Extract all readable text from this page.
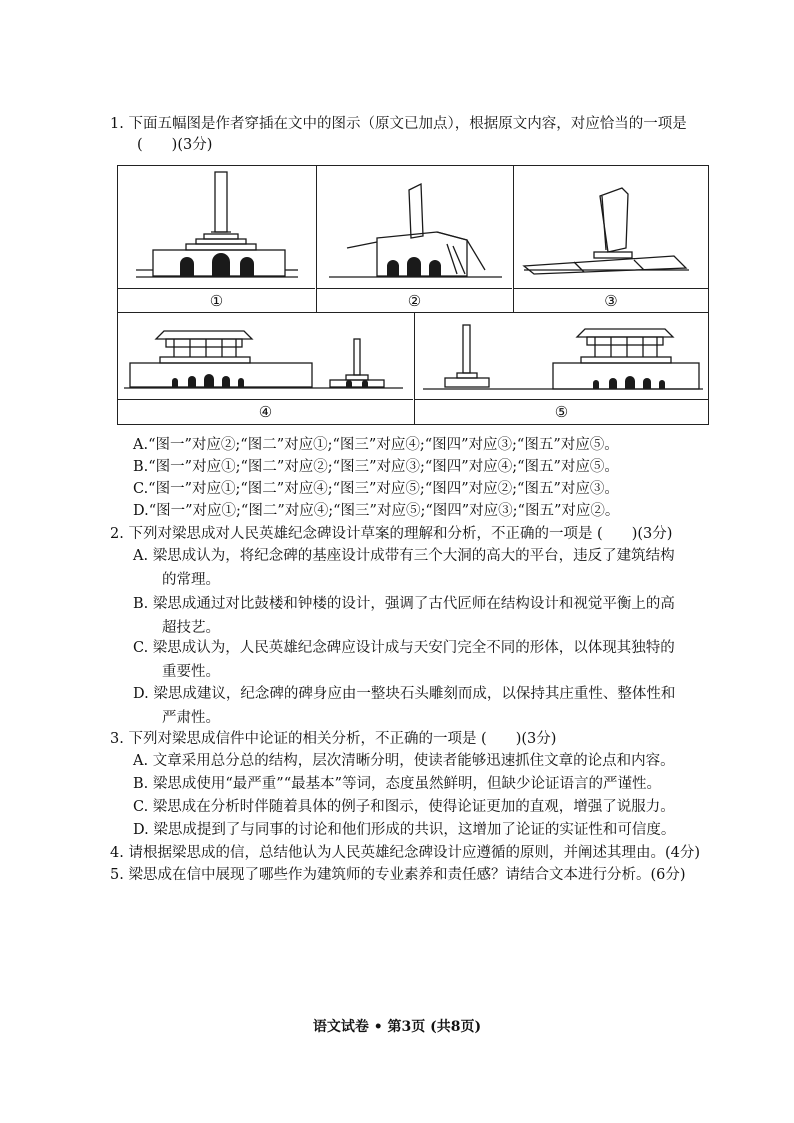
1. 下面五幅图是作者穿插在文中的图示（原文已加点），根据原文内容，对应恰当的一项是
(　　)(3分)
①	②	③
④	⑤
A.“图一”对应②;“图二”对应①;“图三”对应④;“图四”对应③;“图五”对应⑤。
B.“图一”对应①;“图二”对应②;“图三”对应③;“图四”对应④;“图五”对应⑤。
C.“图一”对应①;“图二”对应④;“图三”对应⑤;“图四”对应②;“图五”对应③。
D.“图一”对应①;“图二”对应④;“图三”对应⑤;“图四”对应③;“图五”对应②。
2. 下列对梁思成对人民英雄纪念碑设计草案的理解和分析，不正确的一项是 (　　)(3分)
A. 梁思成认为，将纪念碑的基座设计成带有三个大洞的高大的平台，违反了建筑结构
的常理。
B. 梁思成通过对比鼓楼和钟楼的设计，强调了古代匠师在结构设计和视觉平衡上的高
超技艺。
C. 梁思成认为，人民英雄纪念碑应设计成与天安门完全不同的形体，以体现其独特的
重要性。
D. 梁思成建议，纪念碑的碑身应由一整块石头雕刻而成，以保持其庄重性、整体性和
严肃性。
3. 下列对梁思成信件中论证的相关分析，不正确的一项是 (　　)(3分)
A. 文章采用总分总的结构，层次清晰分明，使读者能够迅速抓住文章的论点和内容。
B. 梁思成使用“最严重”“最基本”等词，态度虽然鲜明，但缺少论证语言的严谨性。
C. 梁思成在分析时伴随着具体的例子和图示，使得论证更加的直观，增强了说服力。
D. 梁思成提到了与同事的讨论和他们形成的共识，这增加了论证的实证性和可信度。
4. 请根据梁思成的信，总结他认为人民英雄纪念碑设计应遵循的原则，并阐述其理由。(4分)
5. 梁思成在信中展现了哪些作为建筑师的专业素养和责任感？请结合文本进行分析。(6分)
语文试卷 • 第3页 (共8页)
